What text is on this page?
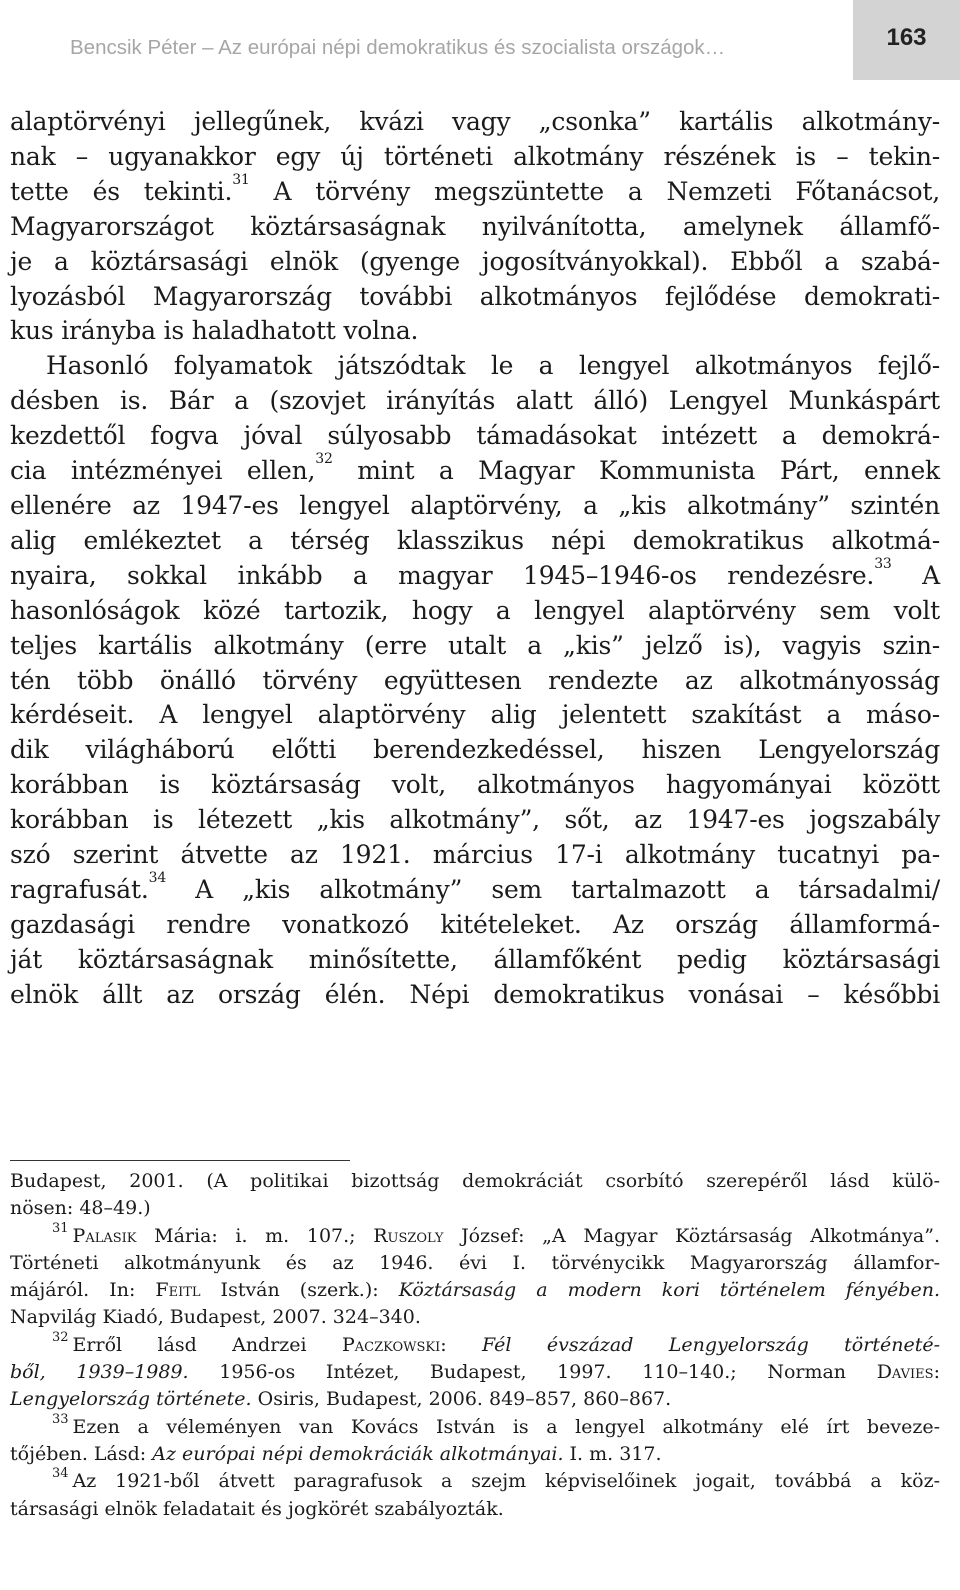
Bencsik Péter – Az európai népi demokratikus és szocialista országok…	163
alaptörvényi jellegűnek, kvázi vagy „csonka” kartális alkotmány-
nak – ugyanakkor egy új történeti alkotmány részének is – tekin-
tette és tekinti.$^{31}$ A törvény megszüntette a Nemzeti Főtanácsot,
Magyarországot köztársaságnak nyilvánította, amelynek államfő-
je a köztársasági elnök (gyenge jogosítványokkal). Ebből a szabá-
lyozásból Magyarország további alkotmányos fejlődése demokrati-
kus irányba is haladhatott volna.
Hasonló folyamatok játszódtak le a lengyel alkotmányos fejlő-
désben is. Bár a (szovjet irányítás alatt álló) Lengyel Munkáspárt
kezdettől fogva jóval súlyosabb támadásokat intézett a demokrá-
cia intézményei ellen,$^{32}$ mint a Magyar Kommunista Párt, ennek
ellenére az 1947-es lengyel alaptörvény, a „kis alkotmány” szintén
alig emlékeztet a térség klasszikus népi demokratikus alkotmá-
nyaira, sokkal inkább a magyar 1945–1946-os rendezésre.$^{33}$ A
hasonlóságok közé tartozik, hogy a lengyel alaptörvény sem volt
teljes kartális alkotmány (erre utalt a „kis” jelző is), vagyis szin-
tén több önálló törvény együttesen rendezte az alkotmányosság
kérdéseit. A lengyel alaptörvény alig jelentett szakítást a máso-
dik világháború előtti berendezkedéssel, hiszen Lengyelország
korábban is köztársaság volt, alkotmányos hagyományai között
korábban is létezett „kis alkotmány”, sőt, az 1947-es jogszabály
szó szerint átvette az 1921. március 17-i alkotmány tucatnyi pa-
ragrafusát.$^{34}$ A „kis alkotmány” sem tartalmazott a társadalmi/
gazdasági rendre vonatkozó kitételeket. Az ország államformá-
ját köztársaságnak minősítette, államfőként pedig köztársasági
elnök állt az ország élén. Népi demokratikus vonásai – későbbi
Budapest, 2001. (A politikai bizottság demokráciát csorbító szerepéről lásd külö-
nösen: 48–49.)
$^{31}$ Palasik Mária: i. m. 107.; Ruszoly József: „A Magyar Köztársaság Alkotmánya”.
Történeti alkotmányunk és az 1946. évi I. törvénycikk Magyarország államfor-
májáról. In: Feitl István (szerk.): Köztársaság a modern kori történelem fényében.
Napvilág Kiadó, Budapest, 2007. 324–340.
$^{32}$ Erről lásd Andrzei Paczkowski: Fél évszázad Lengyelország történeté-
ből, 1939–1989. 1956-os Intézet, Budapest, 1997. 110–140.; Norman Davies:
Lengyelország története. Osiris, Budapest, 2006. 849–857, 860–867.
$^{33}$ Ezen a véleményen van Kovács István is a lengyel alkotmány elé írt beveze-
tőjében. Lásd: Az európai népi demokráciák alkotmányai. I. m. 317.
$^{34}$ Az 1921-ből átvett paragrafusok a szejm képviselőinek jogait, továbbá a köz-
társasági elnök feladatait és jogkörét szabályozták.
